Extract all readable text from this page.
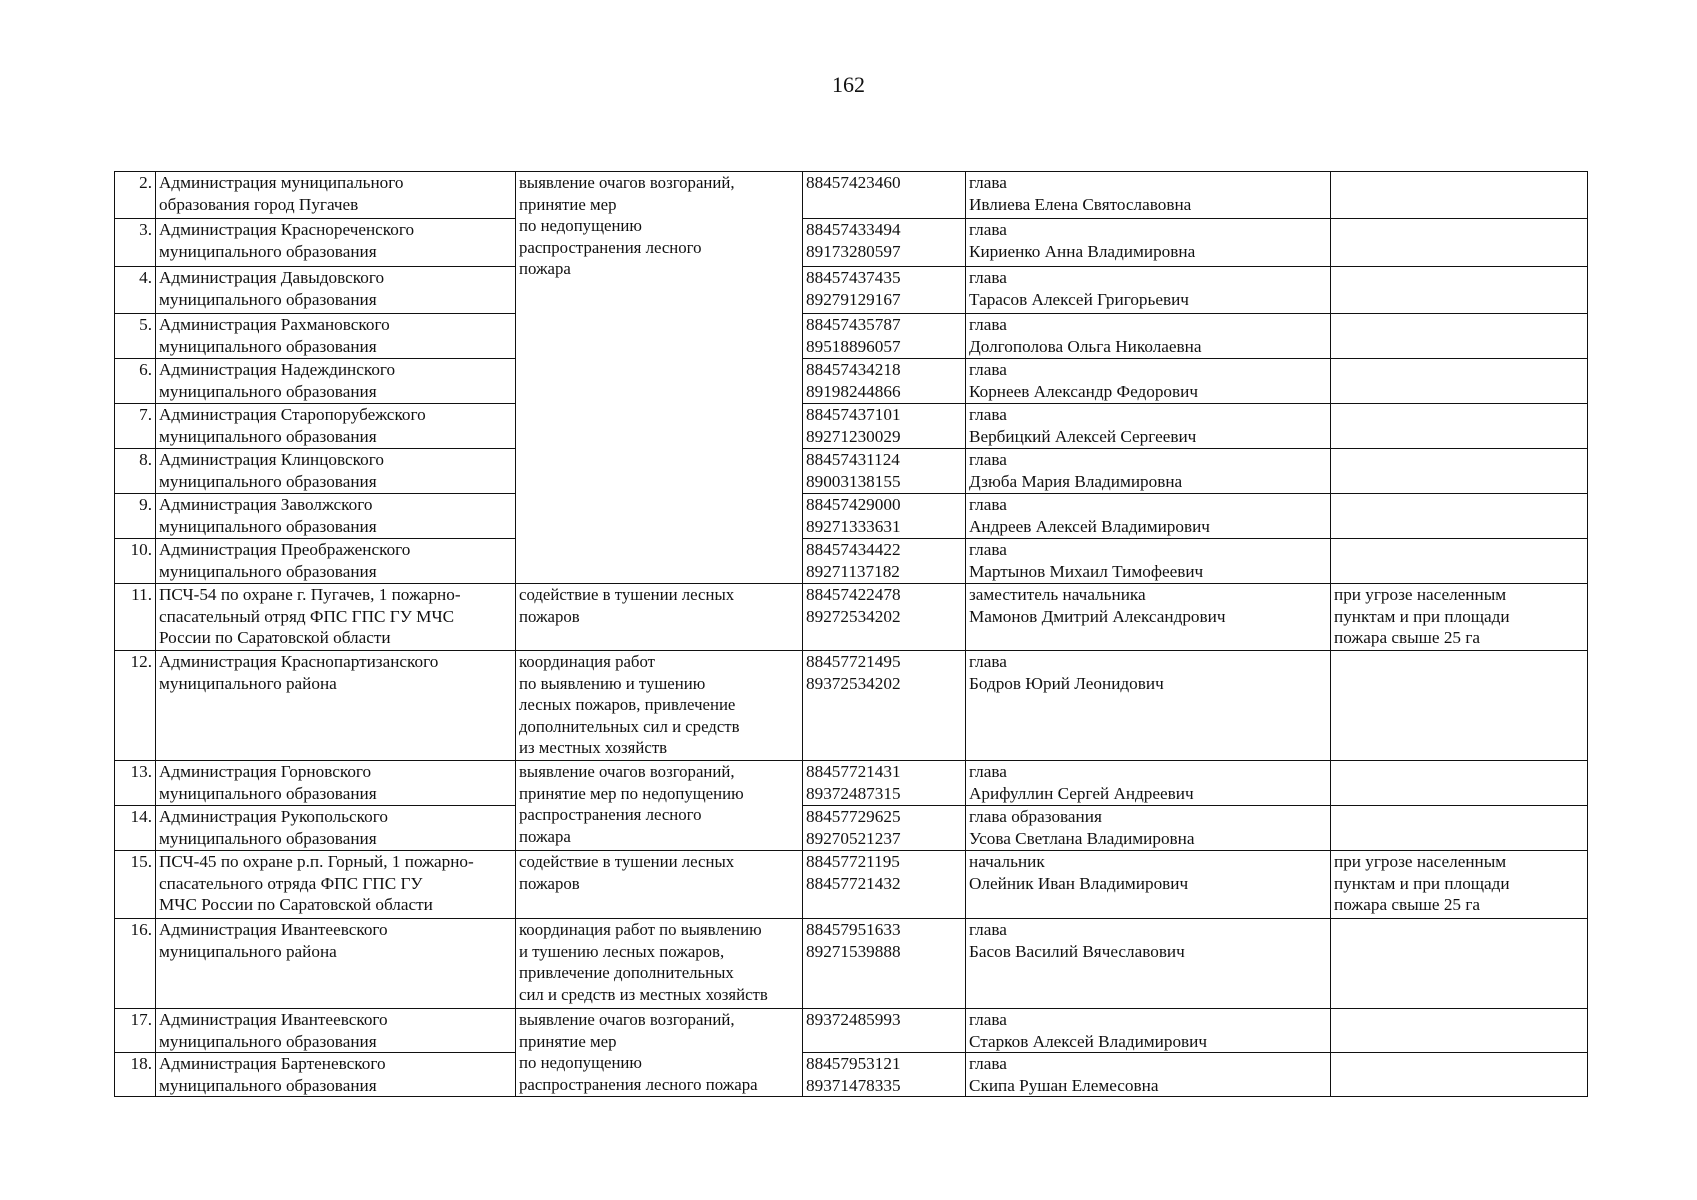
162
2.	Администрация муниципального
образования город Пугачев	выявление очагов возгораний,
принятие мер
по недопущению
распространения лесного
пожара	88457423460	глава
Ивлиева Елена Святославовна	
3.	Администрация Краснореченского
муниципального образования		88457433494
89173280597	глава
Кириенко Анна Владимировна	
4.	Администрация Давыдовского
муниципального образования		88457437435
89279129167	глава
Тарасов Алексей Григорьевич	
5.	Администрация Рахмановского
муниципального образования		88457435787
89518896057	глава
Долгополова Ольга Николаевна	
6.	Администрация Надеждинского
муниципального образования		88457434218
89198244866	глава
Корнеев Александр Федорович	
7.	Администрация Старопорубежского
муниципального образования		88457437101
89271230029	глава
Вербицкий Алексей Сергеевич	
8.	Администрация Клинцовского
муниципального образования		88457431124
89003138155	глава
Дзюба Мария Владимировна	
9.	Администрация Заволжского
муниципального образования		88457429000
89271333631	глава
Андреев Алексей Владимирович	
10.	Администрация Преображенского
муниципального образования		88457434422
89271137182	глава
Мартынов Михаил Тимофеевич	
11.	ПСЧ-54 по охране г. Пугачев, 1 пожарно-
спасательный отряд ФПС ГПС ГУ МЧС
России по Саратовской области	содействие в тушении лесных
пожаров	88457422478
89272534202	заместитель начальника
Мамонов Дмитрий Александрович	при угрозе населенным
пунктам и при площади
пожара свыше 25 га
12.	Администрация Краснопартизанского
муниципального района	координация работ
по выявлению и тушению
лесных пожаров, привлечение
дополнительных сил и средств
из местных хозяйств	88457721495
89372534202	глава
Бодров Юрий Леонидович	
13.	Администрация Горновского
муниципального образования	выявление очагов возгораний,
принятие мер по недопущению
распространения лесного
пожара	88457721431
89372487315	глава
Арифуллин Сергей Андреевич	
14.	Администрация Рукопольского
муниципального образования		88457729625
89270521237	глава образования
Усова Светлана Владимировна	
15.	ПСЧ-45 по охране р.п. Горный, 1 пожарно-
спасательного отряда ФПС ГПС ГУ
МЧС России по Саратовской области	содействие в тушении лесных
пожаров	88457721195
88457721432	начальник
Олейник Иван Владимирович	при угрозе населенным
пунктам и при площади
пожара свыше 25 га
16.	Администрация Ивантеевского
муниципального района	координация работ по выявлению
и тушению лесных пожаров,
привлечение дополнительных
сил и средств из местных хозяйств	88457951633
89271539888	глава
Басов Василий Вячеславович	
17.	Администрация Ивантеевского
муниципального образования	выявление очагов возгораний,
принятие мер
по недопущению
распространения лесного пожара	89372485993	глава
Старков Алексей Владимирович	
18.	Администрация Бартеневского
муниципального образования		88457953121
89371478335	глава
Скипа Рушан Елемесовна	
